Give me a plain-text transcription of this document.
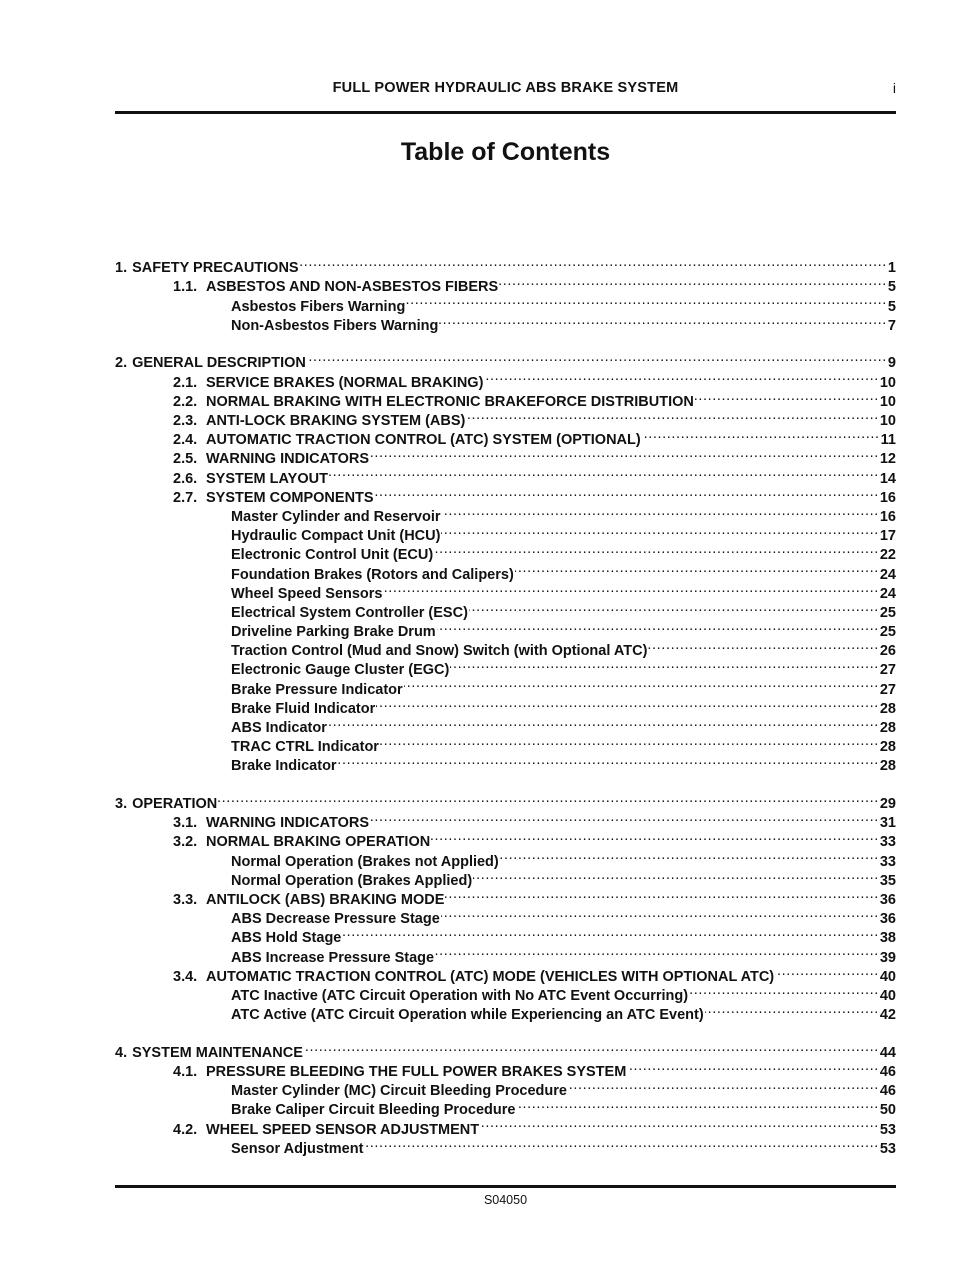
FULL POWER HYDRAULIC ABS BRAKE SYSTEM	i
Table of Contents
1. SAFETY PRECAUTIONS .....	1
1.1. ASBESTOS AND NON-ASBESTOS FIBERS .....	5
Asbestos Fibers Warning .....	5
Non-Asbestos Fibers Warning .....	7
2. GENERAL DESCRIPTION .....	9
2.1. SERVICE BRAKES (NORMAL BRAKING) .....	10
2.2. NORMAL BRAKING WITH ELECTRONIC BRAKEFORCE DISTRIBUTION .....	10
2.3. ANTI-LOCK BRAKING SYSTEM (ABS) .....	10
2.4. AUTOMATIC TRACTION CONTROL (ATC) SYSTEM (OPTIONAL) .....	11
2.5. WARNING INDICATORS .....	12
2.6. SYSTEM LAYOUT .....	14
2.7. SYSTEM COMPONENTS .....	16
Master Cylinder and Reservoir .....	16
Hydraulic Compact Unit (HCU) .....	17
Electronic Control Unit (ECU) .....	22
Foundation Brakes (Rotors and Calipers) .....	24
Wheel Speed Sensors .....	24
Electrical System Controller (ESC) .....	25
Driveline Parking Brake Drum .....	25
Traction Control (Mud and Snow) Switch (with Optional ATC) .....	26
Electronic Gauge Cluster (EGC) .....	27
Brake Pressure Indicator .....	27
Brake Fluid Indicator .....	28
ABS Indicator .....	28
TRAC CTRL Indicator .....	28
Brake Indicator .....	28
3. OPERATION .....	29
3.1. WARNING INDICATORS .....	31
3.2. NORMAL BRAKING OPERATION .....	33
Normal Operation (Brakes not Applied) .....	33
Normal Operation (Brakes Applied) .....	35
3.3. ANTILOCK (ABS) BRAKING MODE .....	36
ABS Decrease Pressure Stage .....	36
ABS Hold Stage .....	38
ABS Increase Pressure Stage .....	39
3.4. AUTOMATIC TRACTION CONTROL (ATC) MODE (VEHICLES WITH OPTIONAL ATC) .....	40
ATC Inactive (ATC Circuit Operation with No ATC Event Occurring) .....	40
ATC Active (ATC Circuit Operation while Experiencing an ATC Event) .....	42
4. SYSTEM MAINTENANCE .....	44
4.1. PRESSURE BLEEDING THE FULL POWER BRAKES SYSTEM .....	46
Master Cylinder (MC) Circuit Bleeding Procedure .....	46
Brake Caliper Circuit Bleeding Procedure .....	50
4.2. WHEEL SPEED SENSOR ADJUSTMENT .....	53
Sensor Adjustment .....	53
S04050
